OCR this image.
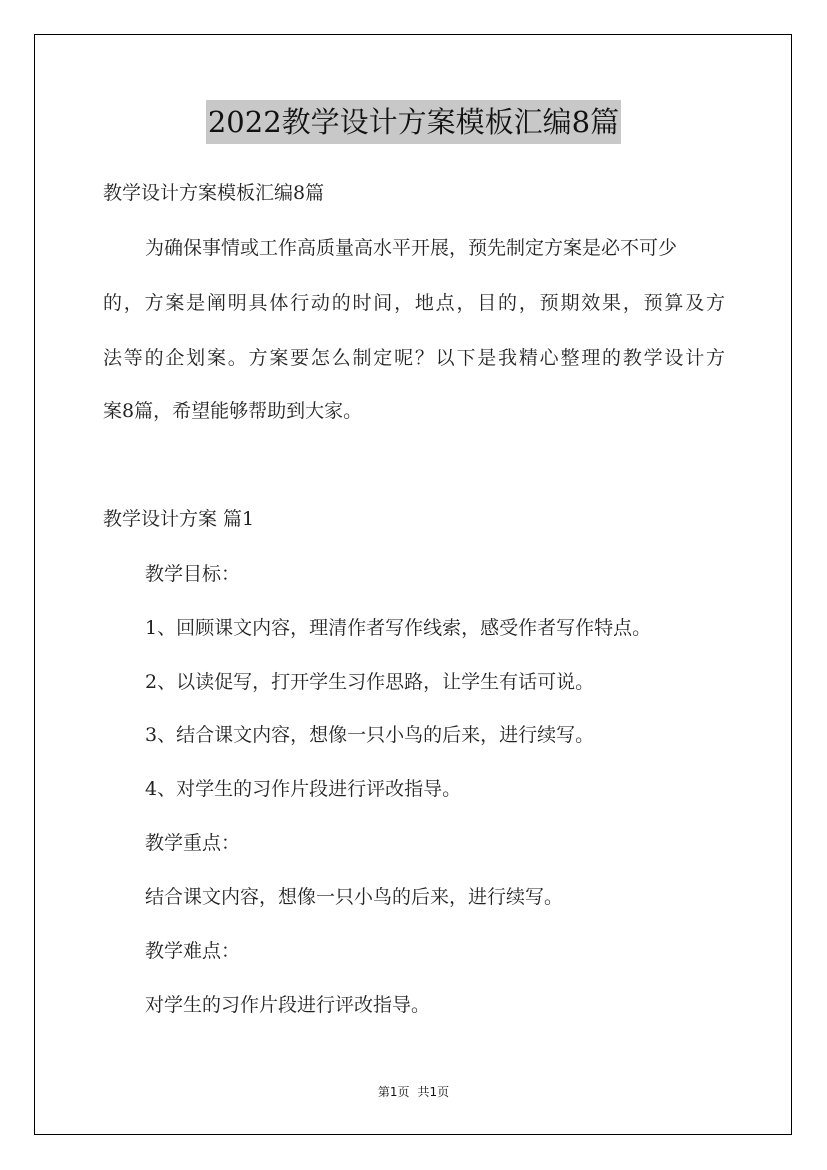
2022教学设计方案模板汇编8篇
教学设计方案模板汇编8篇
为确保事情或工作高质量高水平开展，预先制定方案是必不可少
的，方案是阐明具体行动的时间，地点，目的，预期效果，预算及方
法等的企划案。方案要怎么制定呢？以下是我精心整理的教学设计方
案8篇，希望能够帮助到大家。
教学设计方案 篇1
教学目标：
1、回顾课文内容，理清作者写作线索，感受作者写作特点。
2、以读促写，打开学生习作思路，让学生有话可说。
3、结合课文内容，想像一只小鸟的后来，进行续写。
4、对学生的习作片段进行评改指导。
教学重点：
结合课文内容，想像一只小鸟的后来，进行续写。
教学难点：
对学生的习作片段进行评改指导。
第1页 共1页
